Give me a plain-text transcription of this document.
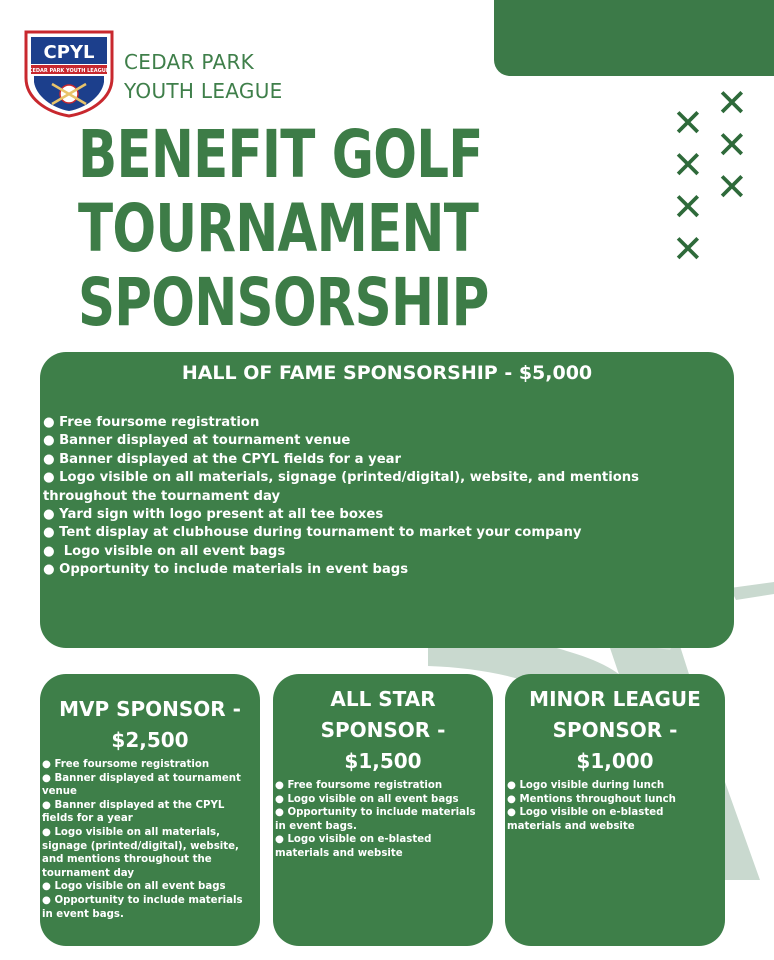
CPYL
CEDAR PARK YOUTH LEAGUE CEDAR PARK
YOUTH LEAGUE
BENEFIT GOLF
TOURNAMENT
SPONSORSHIP
✕ ✕
✕
✕ ✕
✕
✕
HALL OF FAME SPONSORSHIP - $5,000
● Free foursome registration
● Banner displayed at tournament venue
● Banner displayed at the CPYL fields for a year
● Logo visible on all materials, signage (printed/digital), website, and mentions throughout the tournament day
● Yard sign with logo present at all tee boxes
● Tent display at clubhouse during tournament to market your company
●  Logo visible on all event bags
● Opportunity to include materials in event bags
MVP SPONSOR - $2,500
● Free foursome registration
● Banner displayed at tournament venue
● Banner displayed at the CPYL fields for a year
● Logo visible on all materials, signage (printed/digital), website, and mentions throughout the tournament day
● Logo visible on all event bags
● Opportunity to include materials in event bags.
ALL STAR SPONSOR - $1,500
● Free foursome registration
● Logo visible on all event bags
● Opportunity to include materials in event bags.
● Logo visible on e-blasted materials and website
MINOR LEAGUE SPONSOR - $1,000
● Logo visible during lunch
● Mentions throughout lunch
● Logo visible on e-blasted materials and website
